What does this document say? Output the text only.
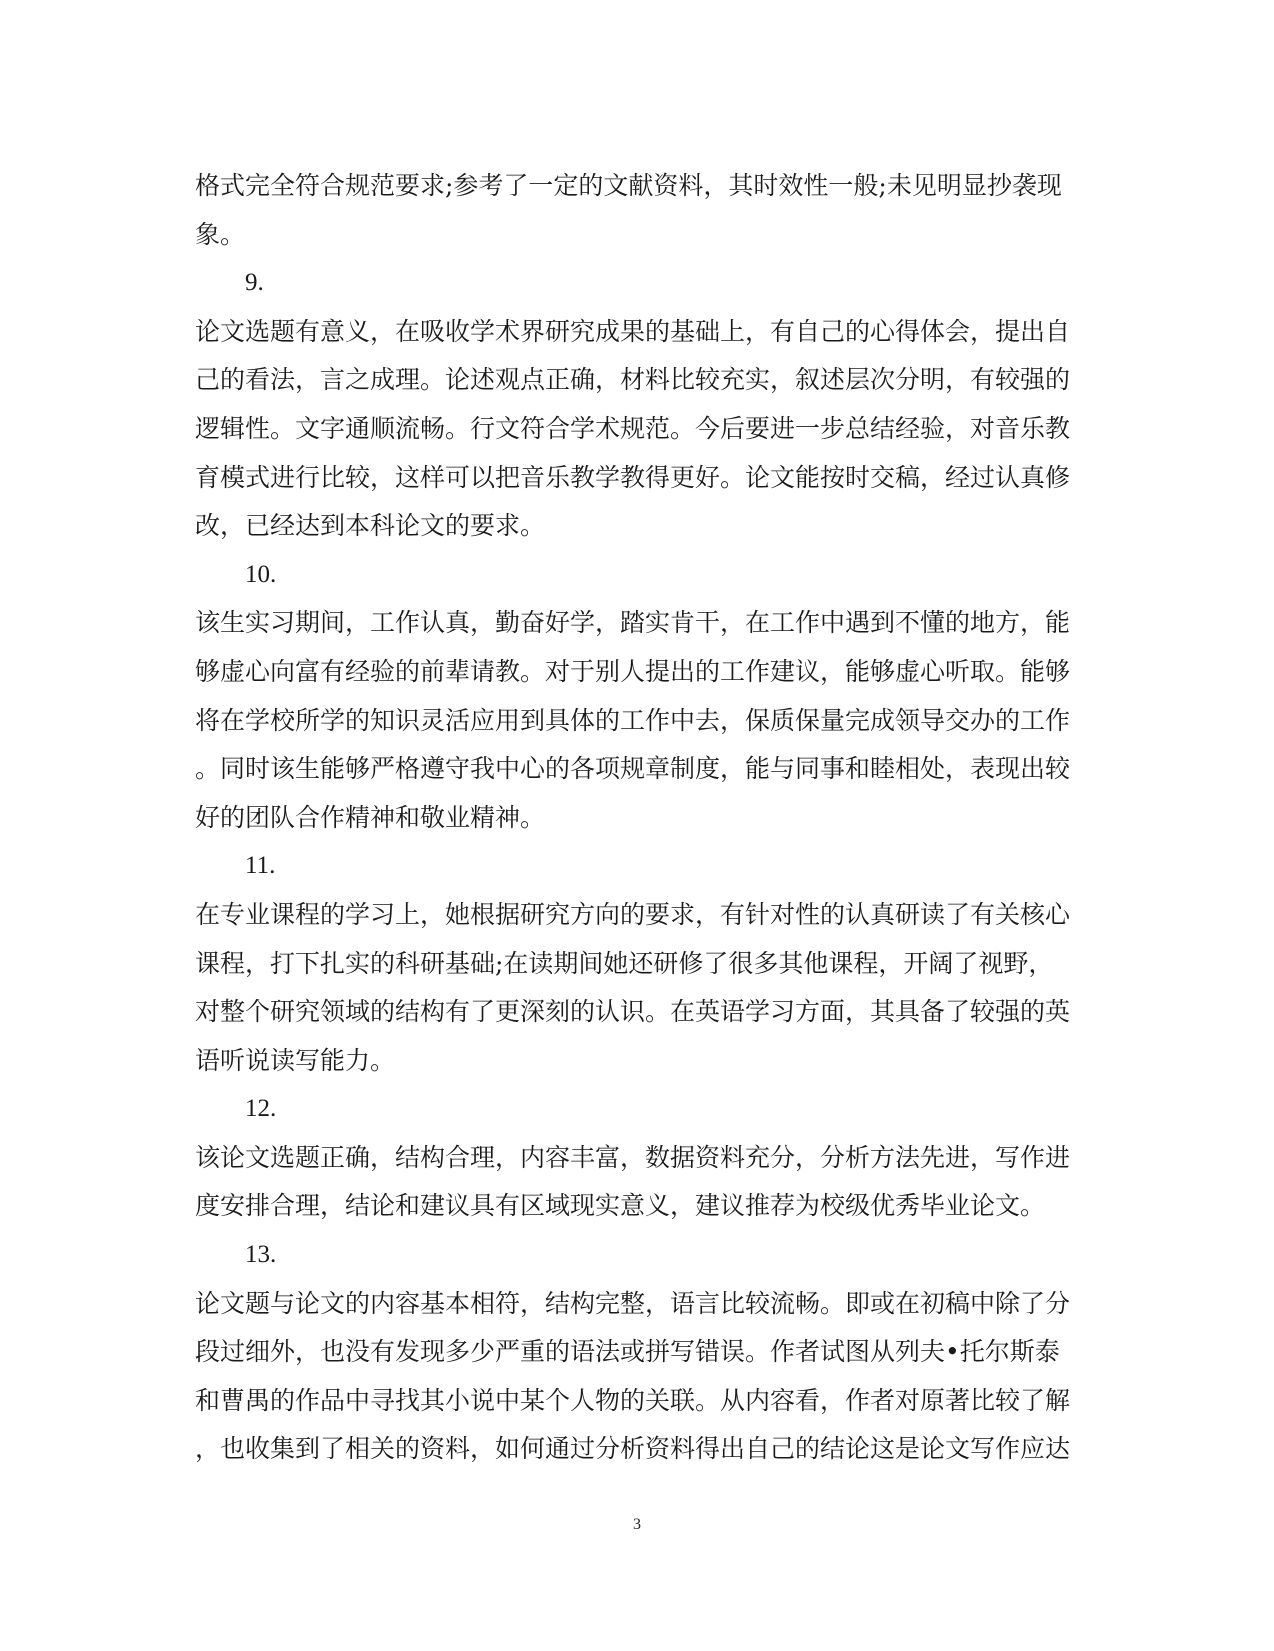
格式完全符合规范要求;参考了一定的文献资料，其时效性一般;未见明显抄袭现
象。
9.
论文选题有意义，在吸收学术界研究成果的基础上，有自己的心得体会，提出自
己的看法，言之成理。论述观点正确，材料比较充实，叙述层次分明，有较强的
逻辑性。文字通顺流畅。行文符合学术规范。今后要进一步总结经验，对音乐教
育模式进行比较，这样可以把音乐教学教得更好。论文能按时交稿，经过认真修
改，已经达到本科论文的要求。
10.
该生实习期间，工作认真，勤奋好学，踏实肯干，在工作中遇到不懂的地方，能
够虚心向富有经验的前辈请教。对于别人提出的工作建议，能够虚心听取。能够
将在学校所学的知识灵活应用到具体的工作中去，保质保量完成领导交办的工作
。同时该生能够严格遵守我中心的各项规章制度，能与同事和睦相处，表现出较
好的团队合作精神和敬业精神。
11.
在专业课程的学习上，她根据研究方向的要求，有针对性的认真研读了有关核心
课程，打下扎实的科研基础;在读期间她还研修了很多其他课程，开阔了视野，
对整个研究领域的结构有了更深刻的认识。在英语学习方面，其具备了较强的英
语听说读写能力。
12.
该论文选题正确，结构合理，内容丰富，数据资料充分，分析方法先进，写作进
度安排合理，结论和建议具有区域现实意义，建议推荐为校级优秀毕业论文。
13.
论文题与论文的内容基本相符，结构完整，语言比较流畅。即或在初稿中除了分
段过细外，也没有发现多少严重的语法或拼写错误。作者试图从列夫•托尔斯泰
和曹禺的作品中寻找其小说中某个人物的关联。从内容看，作者对原著比较了解
，也收集到了相关的资料，如何通过分析资料得出自己的结论这是论文写作应达
3
